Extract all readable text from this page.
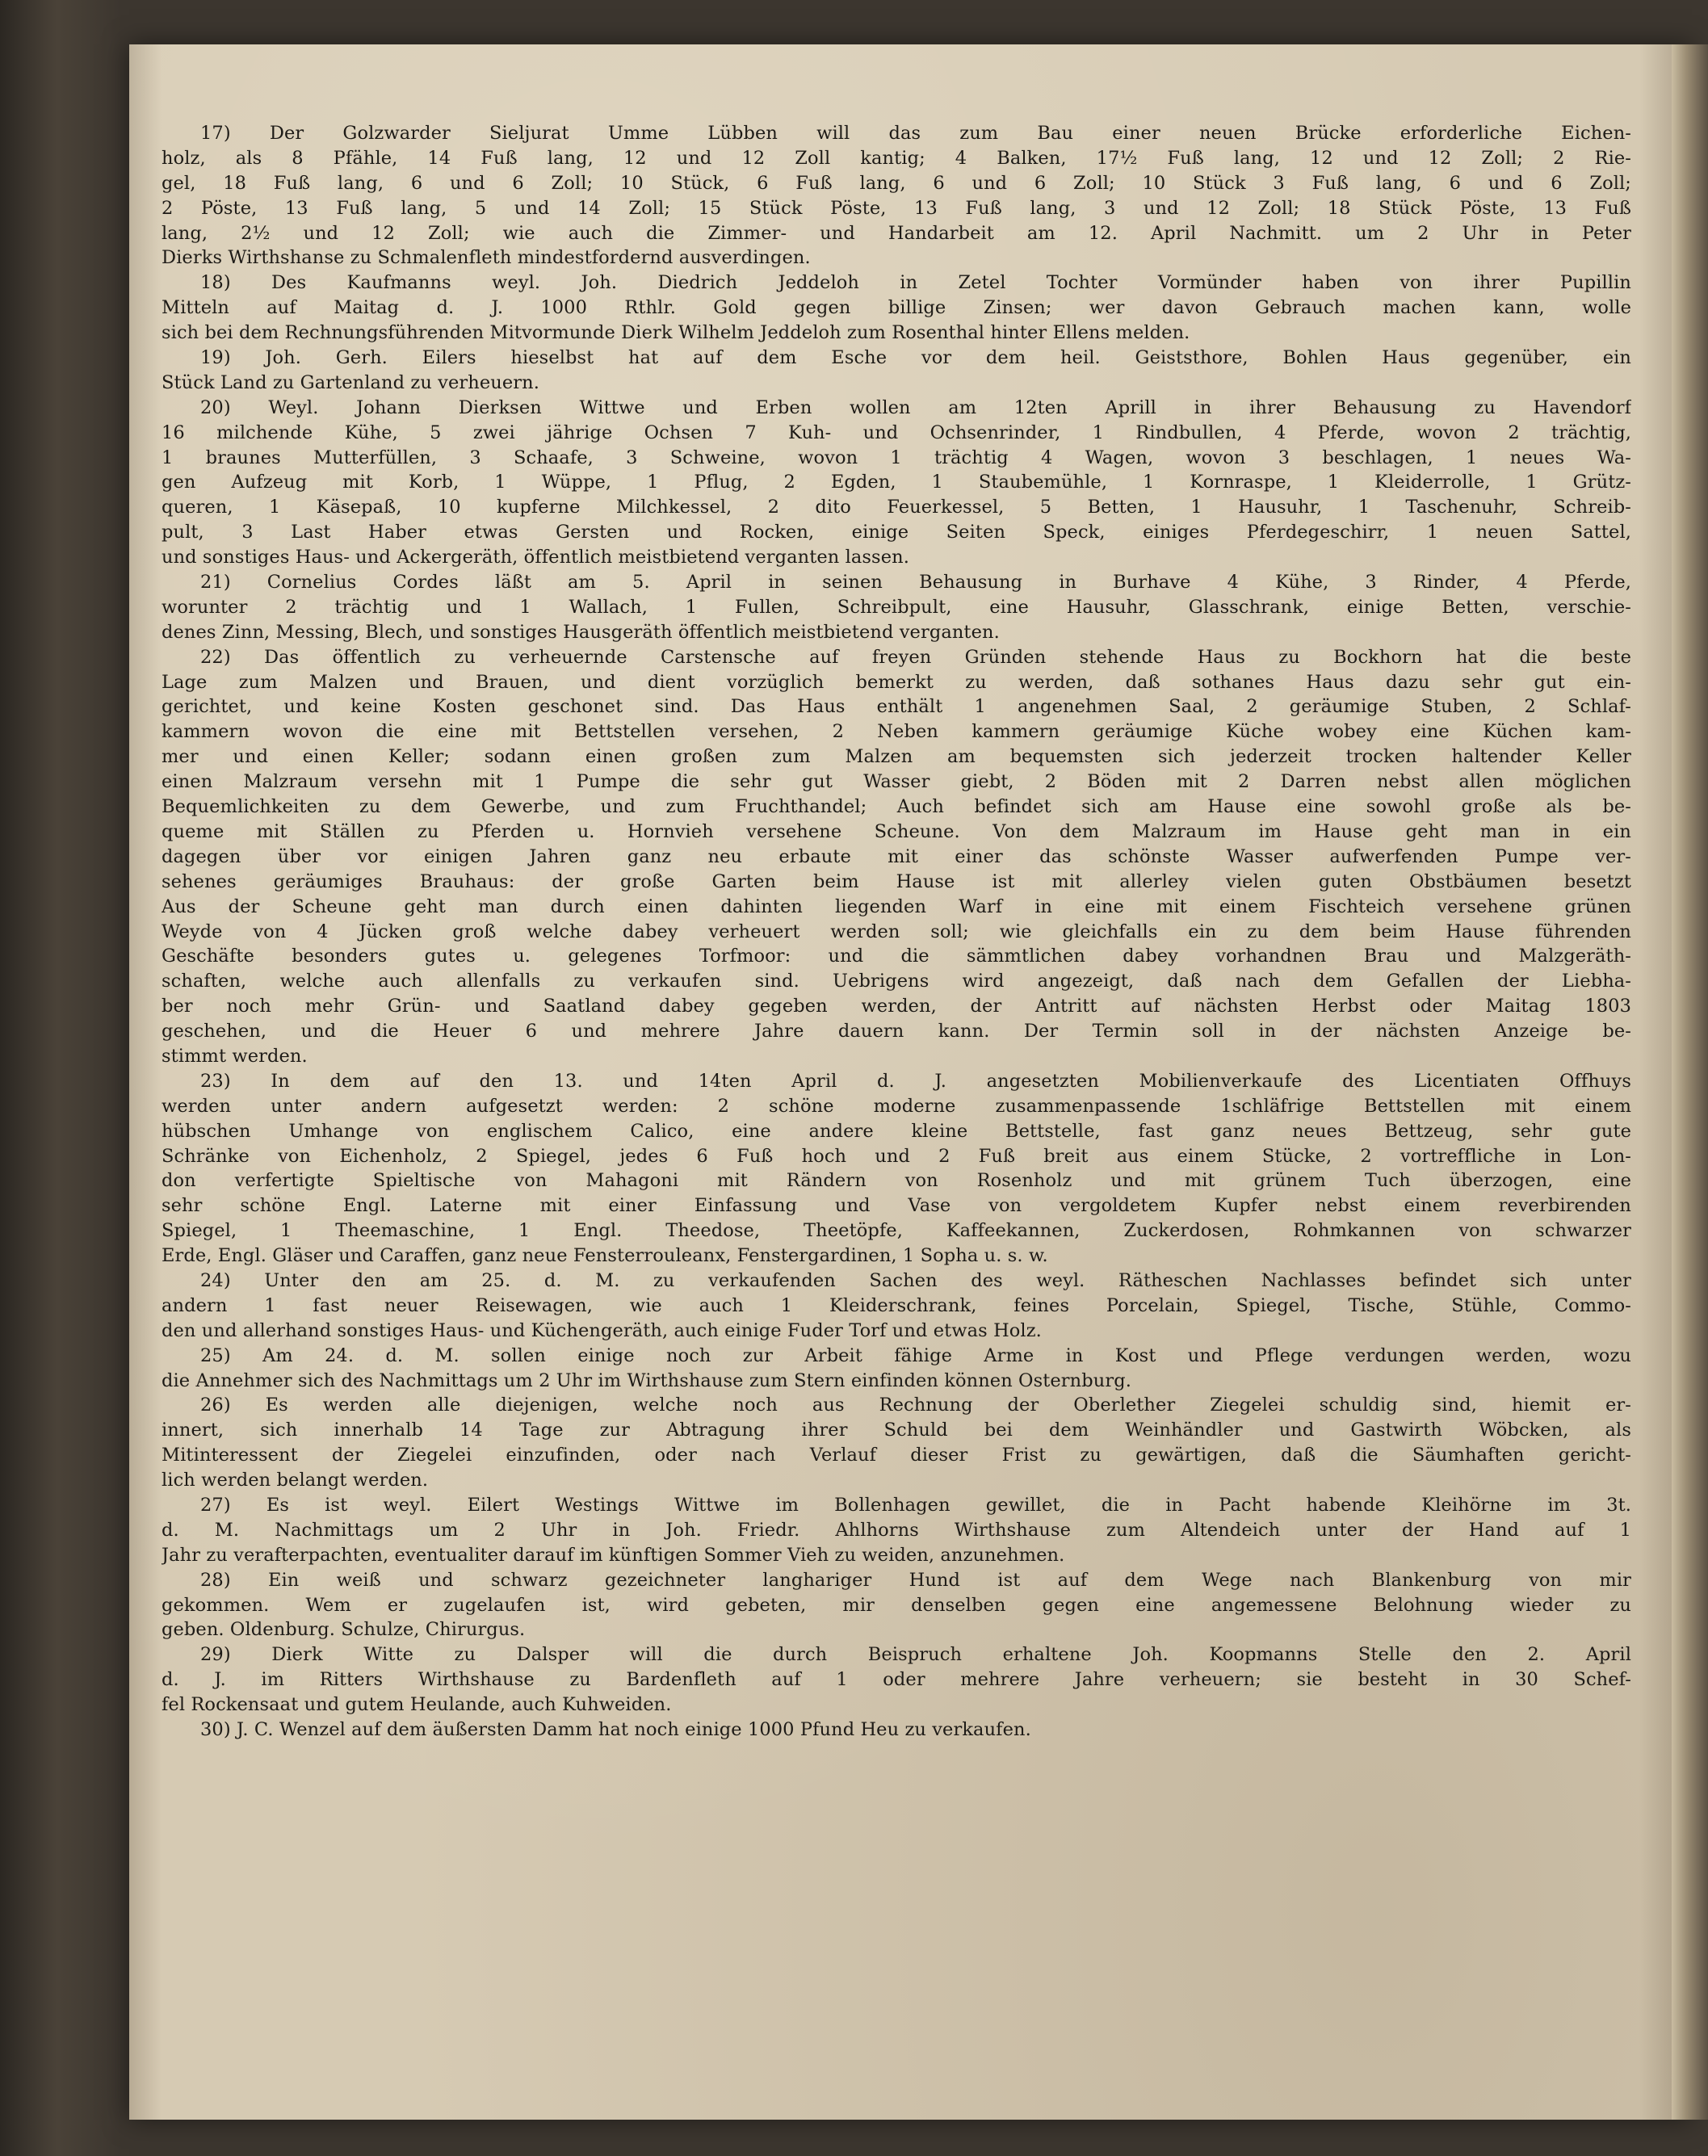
17) Der Golzwarder Sieljurat Umme Lübben will das zum Bau einer neuen Brücke erforderliche Eichen-
holz, als 8 Pfähle, 14 Fuß lang, 12 und 12 Zoll kantig; 4 Balken, 17½ Fuß lang, 12 und 12 Zoll; 2 Rie-
gel, 18 Fuß lang, 6 und 6 Zoll; 10 Stück, 6 Fuß lang, 6 und 6 Zoll; 10 Stück 3 Fuß lang, 6 und 6 Zoll;
2 Pöste, 13 Fuß lang, 5 und 14 Zoll; 15 Stück Pöste, 13 Fuß lang, 3 und 12 Zoll; 18 Stück Pöste, 13 Fuß
lang, 2½ und 12 Zoll; wie auch die Zimmer- und Handarbeit am 12. April Nachmitt. um 2 Uhr in Peter
Dierks Wirthshanse zu Schmalenfleth mindestfordernd ausverdingen.
18) Des Kaufmanns weyl. Joh. Diedrich Jeddeloh in Zetel Tochter Vormünder haben von ihrer Pupillin
Mitteln auf Maitag d. J. 1000 Rthlr. Gold gegen billige Zinsen; wer davon Gebrauch machen kann, wolle
sich bei dem Rechnungsführenden Mitvormunde Dierk Wilhelm Jeddeloh zum Rosenthal hinter Ellens melden.
19) Joh. Gerh. Eilers hieselbst hat auf dem Esche vor dem heil. Geiststhore, Bohlen Haus gegenüber, ein
Stück Land zu Gartenland zu verheuern.
20) Weyl. Johann Dierksen Wittwe und Erben wollen am 12ten Aprill in ihrer Behausung zu Havendorf
16 milchende Kühe, 5 zwei jährige Ochsen 7 Kuh- und Ochsenrinder, 1 Rindbullen, 4 Pferde, wovon 2 trächtig,
1 braunes Mutterfüllen, 3 Schaafe, 3 Schweine, wovon 1 trächtig 4 Wagen, wovon 3 beschlagen, 1 neues Wa-
gen Aufzeug mit Korb, 1 Wüppe, 1 Pflug, 2 Egden, 1 Staubemühle, 1 Kornraspe, 1 Kleiderrolle, 1 Grütz-
queren, 1 Käsepaß, 10 kupferne Milchkessel, 2 dito Feuerkessel, 5 Betten, 1 Hausuhr, 1 Taschenuhr, Schreib-
pult, 3 Last Haber etwas Gersten und Rocken, einige Seiten Speck, einiges Pferdegeschirr, 1 neuen Sattel,
und sonstiges Haus- und Ackergeräth, öffentlich meistbietend verganten lassen.
21) Cornelius Cordes läßt am 5. April in seinen Behausung in Burhave 4 Kühe, 3 Rinder, 4 Pferde,
worunter 2 trächtig und 1 Wallach, 1 Fullen, Schreibpult, eine Hausuhr, Glasschrank, einige Betten, verschie-
denes Zinn, Messing, Blech, und sonstiges Hausgeräth öffentlich meistbietend verganten.
22) Das öffentlich zu verheuernde Carstensche auf freyen Gründen stehende Haus zu Bockhorn hat die beste
Lage zum Malzen und Brauen, und dient vorzüglich bemerkt zu werden, daß sothanes Haus dazu sehr gut ein-
gerichtet, und keine Kosten geschonet sind. Das Haus enthält 1 angenehmen Saal, 2 geräumige Stuben, 2 Schlaf-
kammern wovon die eine mit Bettstellen versehen, 2 Neben kammern geräumige Küche wobey eine Küchen kam-
mer und einen Keller; sodann einen großen zum Malzen am bequemsten sich jederzeit trocken haltender Keller
einen Malzraum versehn mit 1 Pumpe die sehr gut Wasser giebt, 2 Böden mit 2 Darren nebst allen möglichen
Bequemlichkeiten zu dem Gewerbe, und zum Fruchthandel; Auch befindet sich am Hause eine sowohl große als be-
queme mit Ställen zu Pferden u. Hornvieh versehene Scheune. Von dem Malzraum im Hause geht man in ein
dagegen über vor einigen Jahren ganz neu erbaute mit einer das schönste Wasser aufwerfenden Pumpe ver-
sehenes geräumiges Brauhaus: der große Garten beim Hause ist mit allerley vielen guten Obstbäumen besetzt
Aus der Scheune geht man durch einen dahinten liegenden Warf in eine mit einem Fischteich versehene grünen
Weyde von 4 Jücken groß welche dabey verheuert werden soll; wie gleichfalls ein zu dem beim Hause führenden
Geschäfte besonders gutes u. gelegenes Torfmoor: und die sämmtlichen dabey vorhandnen Brau und Malzgeräth-
schaften, welche auch allenfalls zu verkaufen sind. Uebrigens wird angezeigt, daß nach dem Gefallen der Liebha-
ber noch mehr Grün- und Saatland dabey gegeben werden, der Antritt auf nächsten Herbst oder Maitag 1803
geschehen, und die Heuer 6 und mehrere Jahre dauern kann. Der Termin soll in der nächsten Anzeige be-
stimmt werden.
23) In dem auf den 13. und 14ten April d. J. angesetzten Mobilienverkaufe des Licentiaten Offhuys
werden unter andern aufgesetzt werden: 2 schöne moderne zusammenpassende 1schläfrige Bettstellen mit einem
hübschen Umhange von englischem Calico, eine andere kleine Bettstelle, fast ganz neues Bettzeug, sehr gute
Schränke von Eichenholz, 2 Spiegel, jedes 6 Fuß hoch und 2 Fuß breit aus einem Stücke, 2 vortreffliche in Lon-
don verfertigte Spieltische von Mahagoni mit Rändern von Rosenholz und mit grünem Tuch überzogen, eine
sehr schöne Engl. Laterne mit einer Einfassung und Vase von vergoldetem Kupfer nebst einem reverbirenden
Spiegel, 1 Theemaschine, 1 Engl. Theedose, Theetöpfe, Kaffeekannen, Zuckerdosen, Rohmkannen von schwarzer
Erde, Engl. Gläser und Caraffen, ganz neue Fensterrouleanx, Fenstergardinen, 1 Sopha u. s. w.
24) Unter den am 25. d. M. zu verkaufenden Sachen des weyl. Rätheschen Nachlasses befindet sich unter
andern 1 fast neuer Reisewagen, wie auch 1 Kleiderschrank, feines Porcelain, Spiegel, Tische, Stühle, Commo-
den und allerhand sonstiges Haus- und Küchengeräth, auch einige Fuder Torf und etwas Holz.
25) Am 24. d. M. sollen einige noch zur Arbeit fähige Arme in Kost und Pflege verdungen werden, wozu
die Annehmer sich des Nachmittags um 2 Uhr im Wirthshause zum Stern einfinden können Osternburg.
26) Es werden alle diejenigen, welche noch aus Rechnung der Oberlether Ziegelei schuldig sind, hiemit er-
innert, sich innerhalb 14 Tage zur Abtragung ihrer Schuld bei dem Weinhändler und Gastwirth Wöbcken, als
Mitinteressent der Ziegelei einzufinden, oder nach Verlauf dieser Frist zu gewärtigen, daß die Säumhaften gericht-
lich werden belangt werden.
27) Es ist weyl. Eilert Westings Wittwe im Bollenhagen gewillet, die in Pacht habende Kleihörne im 3t.
d. M. Nachmittags um 2 Uhr in Joh. Friedr. Ahlhorns Wirthshause zum Altendeich unter der Hand auf 1
Jahr zu verafterpachten, eventualiter darauf im künftigen Sommer Vieh zu weiden, anzunehmen.
28) Ein weiß und schwarz gezeichneter langhariger Hund ist auf dem Wege nach Blankenburg von mir
gekommen. Wem er zugelaufen ist, wird gebeten, mir denselben gegen eine angemessene Belohnung wieder zu
geben. Oldenburg. Schulze, Chirurgus.
29) Dierk Witte zu Dalsper will die durch Beispruch erhaltene Joh. Koopmanns Stelle den 2. April
d. J. im Ritters Wirthshause zu Bardenfleth auf 1 oder mehrere Jahre verheuern; sie besteht in 30 Schef-
fel Rockensaat und gutem Heulande, auch Kuhweiden.
30) J. C. Wenzel auf dem äußersten Damm hat noch einige 1000 Pfund Heu zu verkaufen.
